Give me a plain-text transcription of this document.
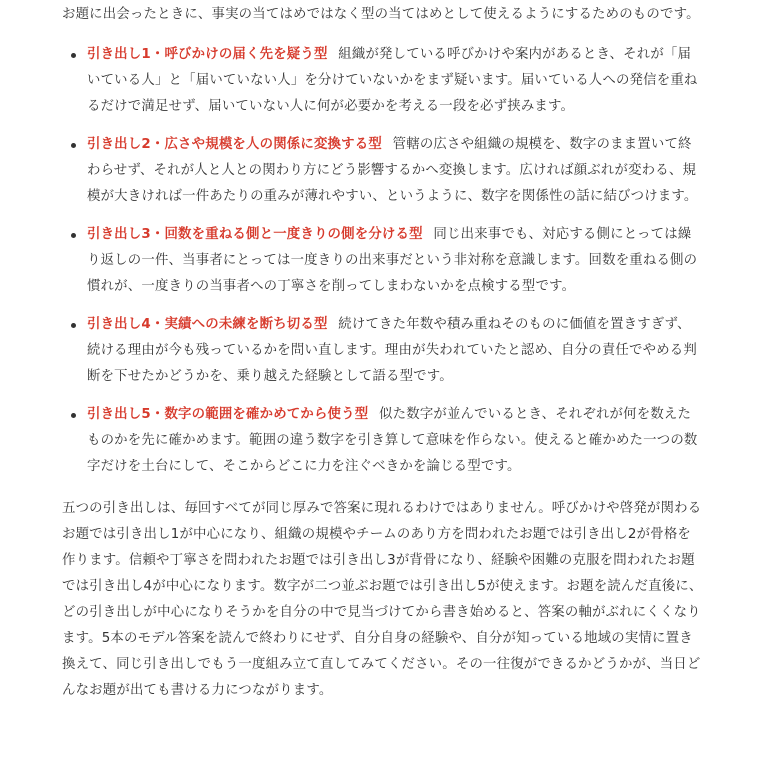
お題に出会ったときに、事実の当てはめではなく型の当てはめとして使えるようにするためのものです。

引き出し1・呼びかけの届く先を疑う型 組織が発している呼びかけや案内があるとき、それが「届いている人」と「届いていない人」を分けていないかをまず疑います。届いている人への発信を重ねるだけで満足せず、届いていない人に何が必要かを考える一段を必ず挟みます。
引き出し2・広さや規模を人の関係に変換する型 管轄の広さや組織の規模を、数字のまま置いて終わらせず、それが人と人との関わり方にどう影響するかへ変換します。広ければ顔ぶれが変わる、規模が大きければ一件あたりの重みが薄れやすい、というように、数字を関係性の話に結びつけます。
引き出し3・回数を重ねる側と一度きりの側を分ける型 同じ出来事でも、対応する側にとっては繰り返しの一件、当事者にとっては一度きりの出来事だという非対称を意識します。回数を重ねる側の慣れが、一度きりの当事者への丁寧さを削ってしまわないかを点検する型です。
引き出し4・実績への未練を断ち切る型 続けてきた年数や積み重ねそのものに価値を置きすぎず、続ける理由が今も残っているかを問い直します。理由が失われていたと認め、自分の責任でやめる判断を下せたかどうかを、乗り越えた経験として語る型です。
引き出し5・数字の範囲を確かめてから使う型 似た数字が並んでいるとき、それぞれが何を数えたものかを先に確かめます。範囲の違う数字を引き算して意味を作らない。使えると確かめた一つの数字だけを土台にして、そこからどこに力を注ぐべきかを論じる型です。

五つの引き出しは、毎回すべてが同じ厚みで答案に現れるわけではありません。呼びかけや啓発が関わるお題では引き出し1が中心になり、組織の規模やチームのあり方を問われたお題では引き出し2が骨格を作ります。信頼や丁寧さを問われたお題では引き出し3が背骨になり、経験や困難の克服を問われたお題では引き出し4が中心になります。数字が二つ並ぶお題では引き出し5が使えます。お題を読んだ直後に、どの引き出しが中心になりそうかを自分の中で見当づけてから書き始めると、答案の軸がぶれにくくなります。5本のモデル答案を読んで終わりにせず、自分自身の経験や、自分が知っている地域の実情に置き換えて、同じ引き出しでもう一度組み立て直してみてください。その一往復ができるかどうかが、当日どんなお題が出ても書ける力につながります。
